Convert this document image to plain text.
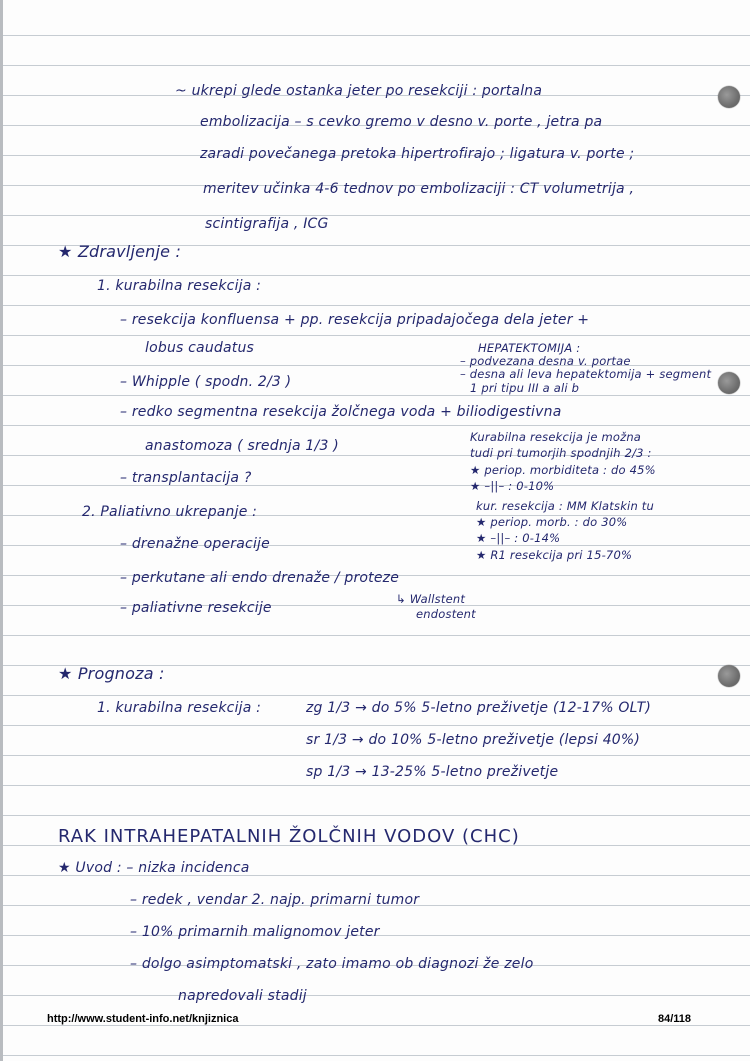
~ ukrepi glede ostanka jeter po resekciji : portalna
embolizacija – s cevko gremo v desno v. porte , jetra pa
zaradi povečanega pretoka hipertrofirajo ; ligatura v. porte ;
meritev učinka 4-6 tednov po embolizaciji : CT volumetrija ,
scintigrafija , ICG
★ Zdravljenje :
1. kurabilna resekcija :
– resekcija konfluensa + pp. resekcija pripadajočega dela jeter +
lobus caudatus
– Whipple ( spodn. 2/3 )
– redko segmentna resekcija žolčnega voda + biliodigestivna
anastomoza ( srednja 1/3 )
– transplantacija ?
2. Paliativno ukrepanje :
– drenažne operacije
– perkutane ali endo drenaže / proteze
– paliativne resekcije
↳ Wallstent
endostent
HEPATEKTOMIJA :
– podvezana desna v. portae
– desna ali leva hepatektomija + segment
1 pri tipu III a ali b
Kurabilna resekcija je možna
tudi pri tumorjih spodnjih 2/3 :
★ periop. morbiditeta : do 45%
★ –||– : 0-10%
kur. resekcija : MM Klatskin tu
★ periop. morb. : do 30%
★ –||– : 0-14%
★ R1 resekcija pri 15-70%
★ Prognoza :
1. kurabilna resekcija :	zg 1/3 → do 5% 5-letno preživetje (12-17% OLT)
sr 1/3 → do 10% 5-letno preživetje (lepsi 40%)
sp 1/3 → 13-25% 5-letno preživetje
RAK INTRAHEPATALNIH ŽOLČNIH VODOV (CHC)
★ Uvod : – nizka incidenca
– redek , vendar 2. najp. primarni tumor
– 10% primarnih malignomov jeter
– dolgo asimptomatski , zato imamo ob diagnozi že zelo
napredovali stadij
http://www.student-info.net/knjiznica	84/118
